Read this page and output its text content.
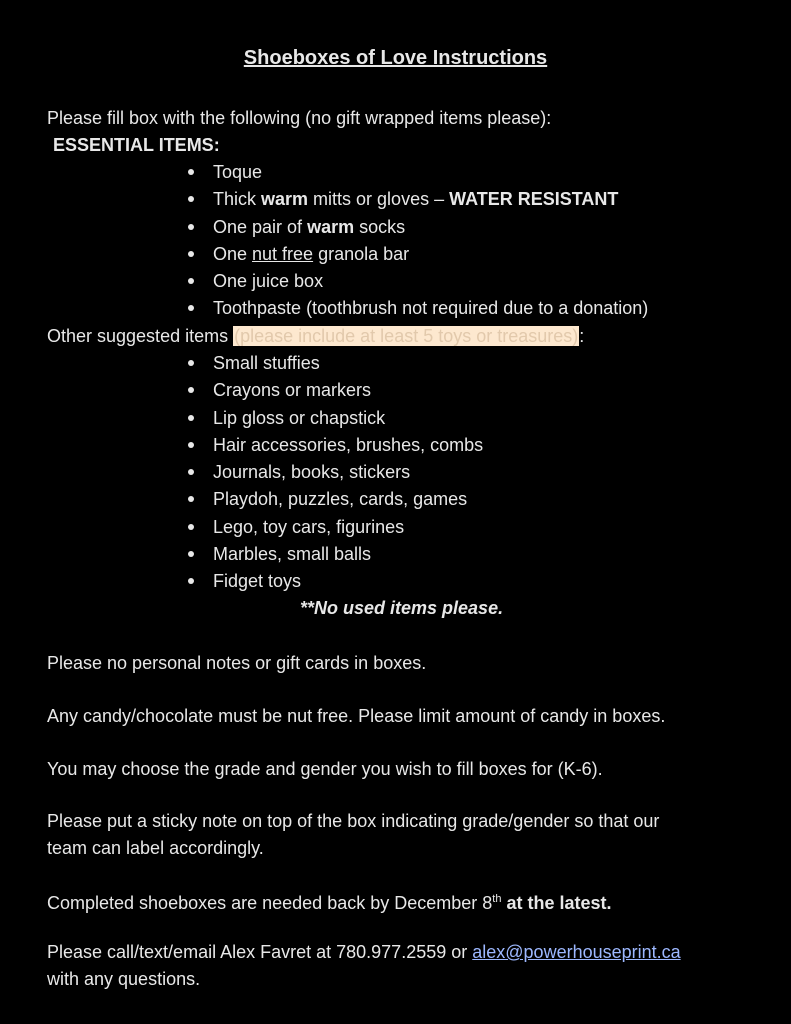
Shoeboxes of Love Instructions
Please fill box with the following (no gift wrapped items please):
ESSENTIAL ITEMS:
Toque
Thick warm mitts or gloves – WATER RESISTANT
One pair of warm socks
One nut free granola bar
One juice box
Toothpaste (toothbrush not required due to a donation)
Other suggested items (please include at least 5 toys or treasures):
Small stuffies
Crayons or markers
Lip gloss or chapstick
Hair accessories, brushes, combs
Journals, books, stickers
Playdoh, puzzles, cards, games
Lego, toy cars, figurines
Marbles, small balls
Fidget toys
**No used items please.
Please no personal notes or gift cards in boxes.
Any candy/chocolate must be nut free. Please limit amount of candy in boxes.
You may choose the grade and gender you wish to fill boxes for (K-6).
Please put a sticky note on top of the box indicating grade/gender so that our
team can label accordingly.
Completed shoeboxes are needed back by December 8th at the latest.
Please call/text/email Alex Favret at 780.977.2559 or alex@powerhouseprint.ca
with any questions.
